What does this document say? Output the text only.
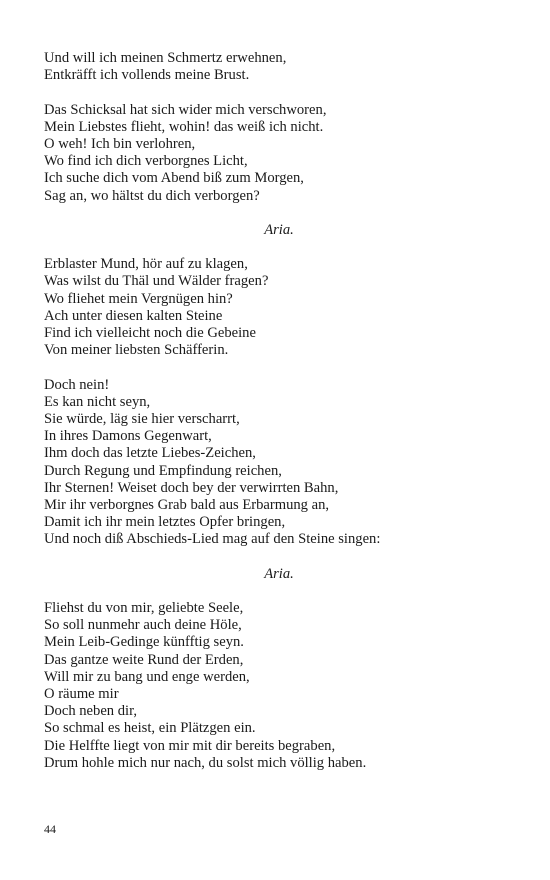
Und will ich meinen Schmertz erwehnen,
Entkräfft ich vollends meine Brust.
Das Schicksal hat sich wider mich verschworen,
Mein Liebstes flieht, wohin! das weiß ich nicht.
O weh! Ich bin verlohren,
Wo find ich dich verborgnes Licht,
Ich suche dich vom Abend biß zum Morgen,
Sag an, wo hältst du dich verborgen?
Aria.
Erblaster Mund, hör auf zu klagen,
Was wilst du Thäl und Wälder fragen?
Wo fliehet mein Vergnügen hin?
Ach unter diesen kalten Steine
Find ich vielleicht noch die Gebeine
Von meiner liebsten Schäfferin.
Doch nein!
Es kan nicht seyn,
Sie würde, läg sie hier verscharrt,
In ihres Damons Gegenwart,
Ihm doch das letzte Liebes-Zeichen,
Durch Regung und Empfindung reichen,
Ihr Sternen! Weiset doch bey der verwirrten Bahn,
Mir ihr verborgnes Grab bald aus Erbarmung an,
Damit ich ihr mein letztes Opfer bringen,
Und noch diß Abschieds-Lied mag auf den Steine singen:
Aria.
Fliehst du von mir, geliebte Seele,
So soll nunmehr auch deine Höle,
Mein Leib-Gedinge künfftig seyn.
Das gantze weite Rund der Erden,
Will mir zu bang und enge werden,
O räume mir
Doch neben dir,
So schmal es heist, ein Plätzgen ein.
Die Helffte liegt von mir mit dir bereits begraben,
Drum hohle mich nur nach, du solst mich völlig haben.
44
